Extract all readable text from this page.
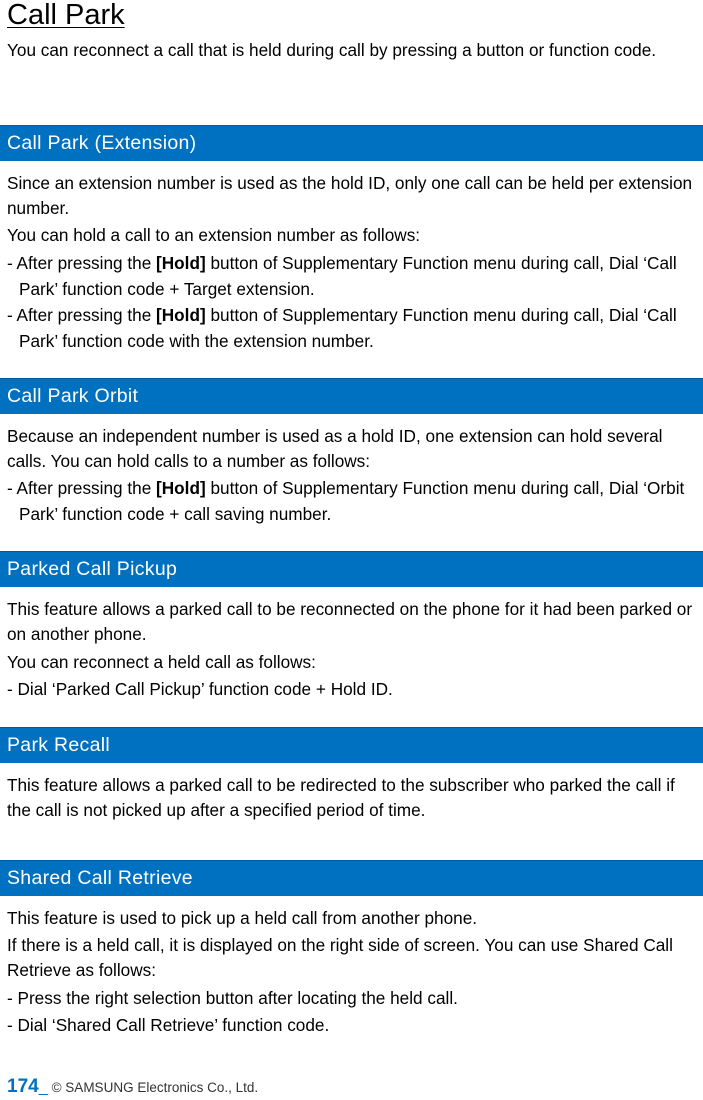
Call Park

You can reconnect a call that is held during call by pressing a button or function code.

Call Park (Extension)

Since an extension number is used as the hold ID, only one call can be held per extension number.

You can hold a call to an extension number as follows:

- After pressing the [Hold] button of Supplementary Function menu during call, Dial ‘Call Park’ function code + Target extension.

- After pressing the [Hold] button of Supplementary Function menu during call, Dial ‘Call Park’ function code with the extension number.

Call Park Orbit

Because an independent number is used as a hold ID, one extension can hold several calls. You can hold calls to a number as follows:

- After pressing the [Hold] button of Supplementary Function menu during call, Dial ‘Orbit Park’ function code + call saving number.

Parked Call Pickup

This feature allows a parked call to be reconnected on the phone for it had been parked or on another phone.

You can reconnect a held call as follows:

- Dial ‘Parked Call Pickup’ function code + Hold ID.

Park Recall

This feature allows a parked call to be redirected to the subscriber who parked the call if the call is not picked up after a specified period of time.

Shared Call Retrieve

This feature is used to pick up a held call from another phone.

If there is a held call, it is displayed on the right side of screen. You can use Shared Call Retrieve as follows:

- Press the right selection button after locating the held call.

- Dial ‘Shared Call Retrieve’ function code.

174_ © SAMSUNG Electronics Co., Ltd.
